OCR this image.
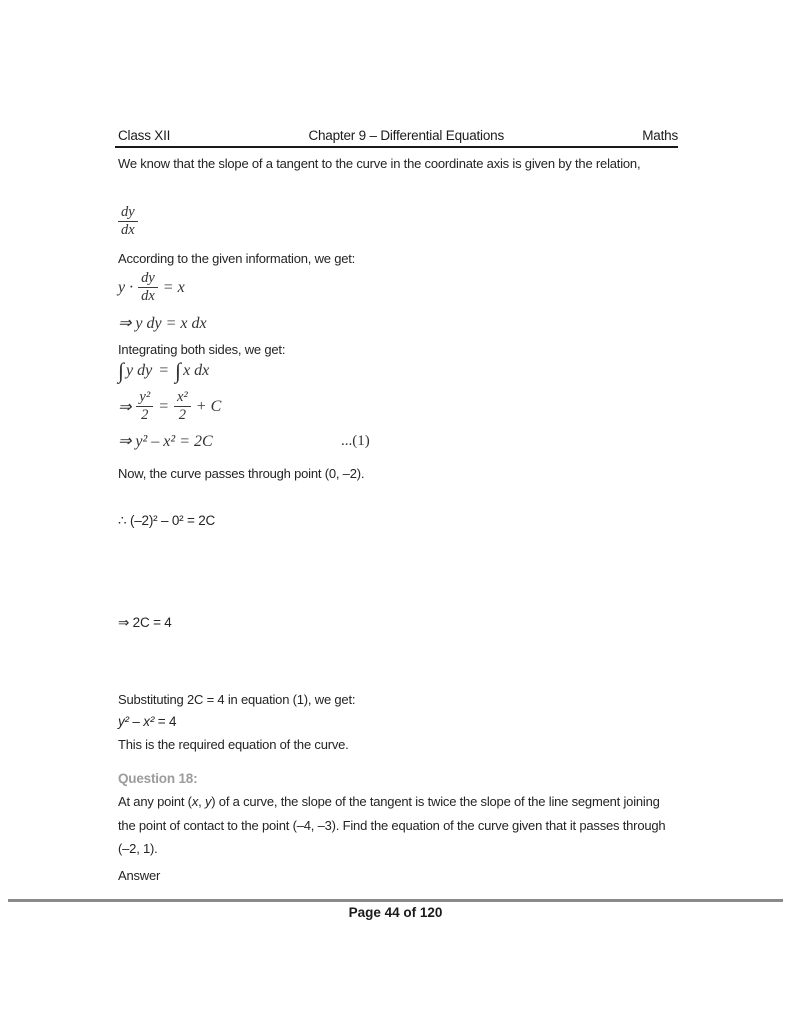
Class XII	Chapter 9 – Differential Equations	Maths

We know that the slope of a tangent to the curve in the coordinate axis is given by the relation,

$\frac{dy}{dx}$
According to the given information, we get:
$y \cdot \frac{dy}{dx} = x$
⇒ y dy = x dx
Integrating both sides, we get:
∫ y dy = ∫ x dx
⇒ $\frac{\text{y²}}{2} = \frac{\text{x²}}{2} + C$
⇒ y² – x² = 2C	...(1)
Now, the curve passes through point (0, –2).
∴ (–2)² – 0² = 2C
⇒ 2C = 4
Substituting 2C = 4 in equation (1), we get:
y² – x² = 4
This is the required equation of the curve.
Question 18:

At any point (x, y) of a curve, the slope of the tangent is twice the slope of the line segment joining the point of contact to the point (–4, –3). Find the equation of the curve given that it passes through (–2, 1).

Answer
Page 44 of 120
